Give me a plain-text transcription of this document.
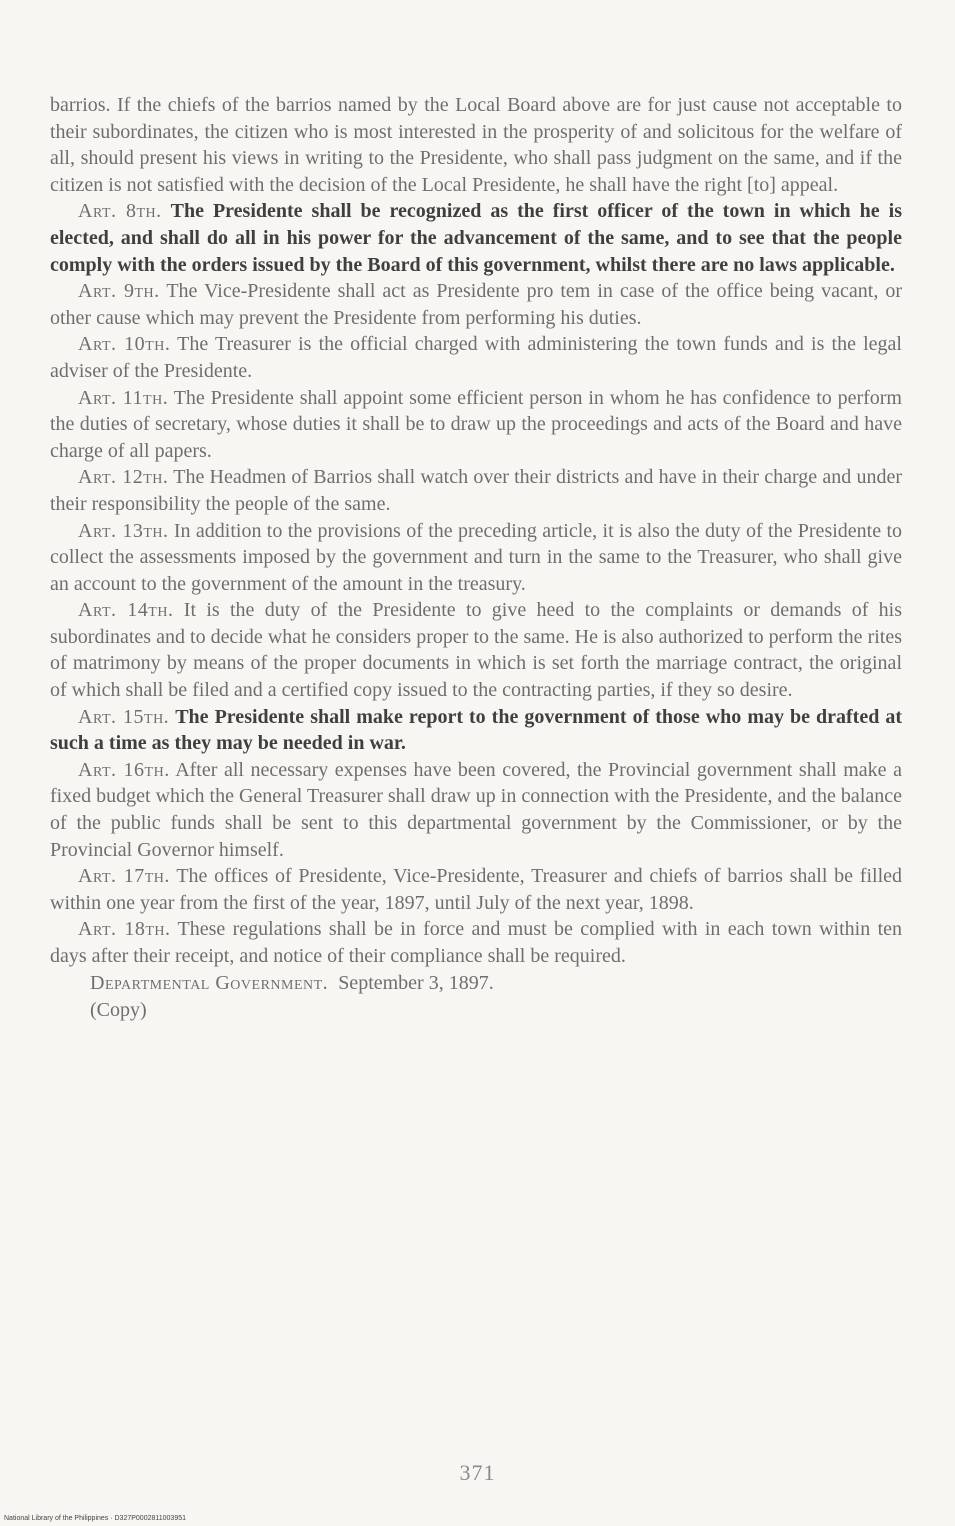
barrios. If the chiefs of the barrios named by the Local Board above are for just cause not acceptable to their subordinates, the citizen who is most interested in the prosperity of and solicitous for the welfare of all, should present his views in writing to the Presidente, who shall pass judgment on the same, and if the citizen is not satisfied with the decision of the Local Presidente, he shall have the right [to] appeal.

Art. 8th. The Presidente shall be recognized as the first officer of the town in which he is elected, and shall do all in his power for the advancement of the same, and to see that the people comply with the orders issued by the Board of this government, whilst there are no laws applicable.

Art. 9th. The Vice-Presidente shall act as Presidente pro tem in case of the office being vacant, or other cause which may prevent the Presidente from performing his duties.

Art. 10th. The Treasurer is the official charged with administering the town funds and is the legal adviser of the Presidente.

Art. 11th. The Presidente shall appoint some efficient person in whom he has confidence to perform the duties of secretary, whose duties it shall be to draw up the proceedings and acts of the Board and have charge of all papers.

Art. 12th. The Headmen of Barrios shall watch over their districts and have in their charge and under their responsibility the people of the same.

Art. 13th. In addition to the provisions of the preceding article, it is also the duty of the Presidente to collect the assessments imposed by the government and turn in the same to the Treasurer, who shall give an account to the government of the amount in the treasury.

Art. 14th. It is the duty of the Presidente to give heed to the complaints or demands of his subordinates and to decide what he considers proper to the same. He is also authorized to perform the rites of matrimony by means of the proper documents in which is set forth the marriage contract, the original of which shall be filed and a certified copy issued to the contracting parties, if they so desire.

Art. 15th. The Presidente shall make report to the government of those who may be drafted at such a time as they may be needed in war.

Art. 16th. After all necessary expenses have been covered, the Provincial government shall make a fixed budget which the General Treasurer shall draw up in connection with the Presidente, and the balance of the public funds shall be sent to this departmental government by the Commissioner, or by the Provincial Governor himself.

Art. 17th. The offices of Presidente, Vice-Presidente, Treasurer and chiefs of barrios shall be filled within one year from the first of the year, 1897, until July of the next year, 1898.

Art. 18th. These regulations shall be in force and must be complied with in each town within ten days after their receipt, and notice of their compliance shall be required.

Departmental Government. September 3, 1897.

(Copy)

371
National Library of the Philippines · D327P0002811003951
